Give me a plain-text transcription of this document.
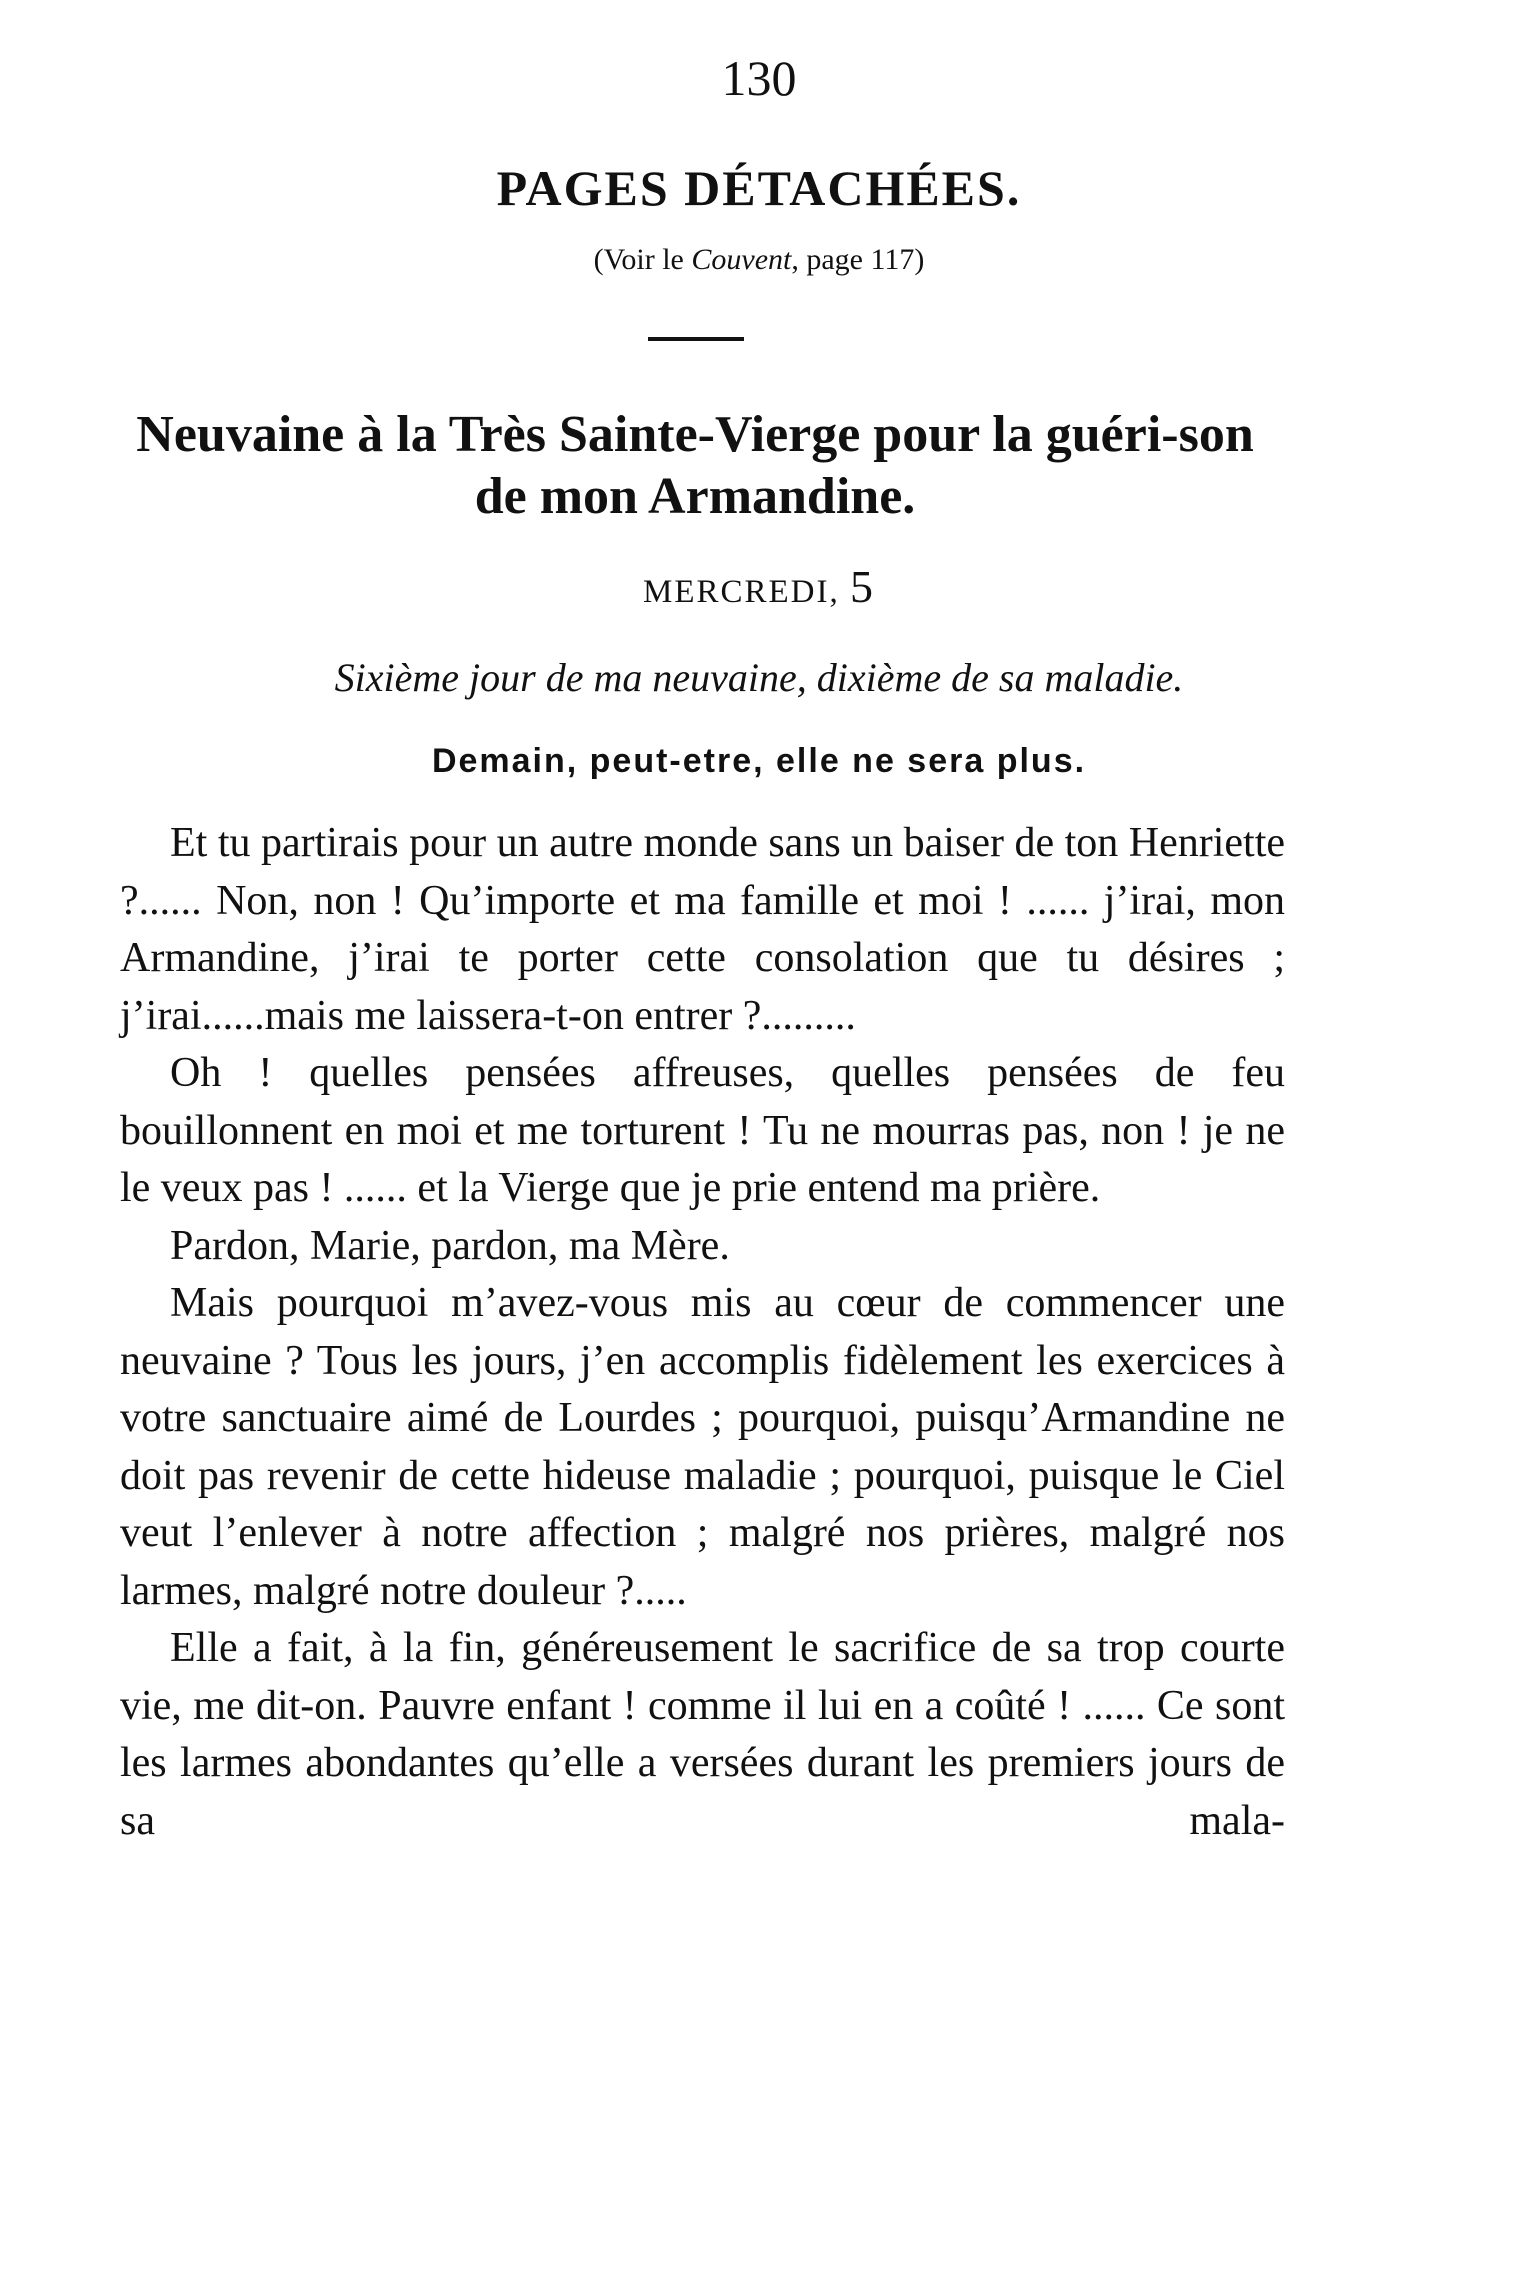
130
PAGES DÉTACHÉES.
(Voir le Couvent, page 117)
Neuvaine à la Très Sainte-Vierge pour la guéri-son de mon Armandine.
MERCREDI, 5
Sixième jour de ma neuvaine, dixième de sa maladie.
Demain, peut-etre, elle ne sera plus.

Et tu partirais pour un autre monde sans un baiser de ton Henriette ?...... Non, non ! Qu’importe et ma famille et moi ! ...... j’irai, mon Armandine, j’irai te porter cette consolation que tu désires ; j’irai......mais me laissera-t-on entrer ?.........

Oh ! quelles pensées affreuses, quelles pensées de feu bouillonnent en moi et me torturent ! Tu ne mourras pas, non ! je ne le veux pas ! ...... et la Vierge que je prie entend ma prière.

Pardon, Marie, pardon, ma Mère.

Mais pourquoi m’avez-vous mis au cœur de commencer une neuvaine ? Tous les jours, j’en accomplis fidèlement les exercices à votre sanctuaire aimé de Lourdes ; pourquoi, puisqu’Armandine ne doit pas revenir de cette hideuse maladie ; pourquoi, puisque le Ciel veut l’enlever à notre affection ; malgré nos prières, malgré nos larmes, malgré notre douleur ?.....

Elle a fait, à la fin, généreusement le sacrifice de sa trop courte vie, me dit-on. Pauvre enfant ! comme il lui en a coûté ! ...... Ce sont les larmes abondantes qu’elle a versées durant les premiers jours de sa mala-
